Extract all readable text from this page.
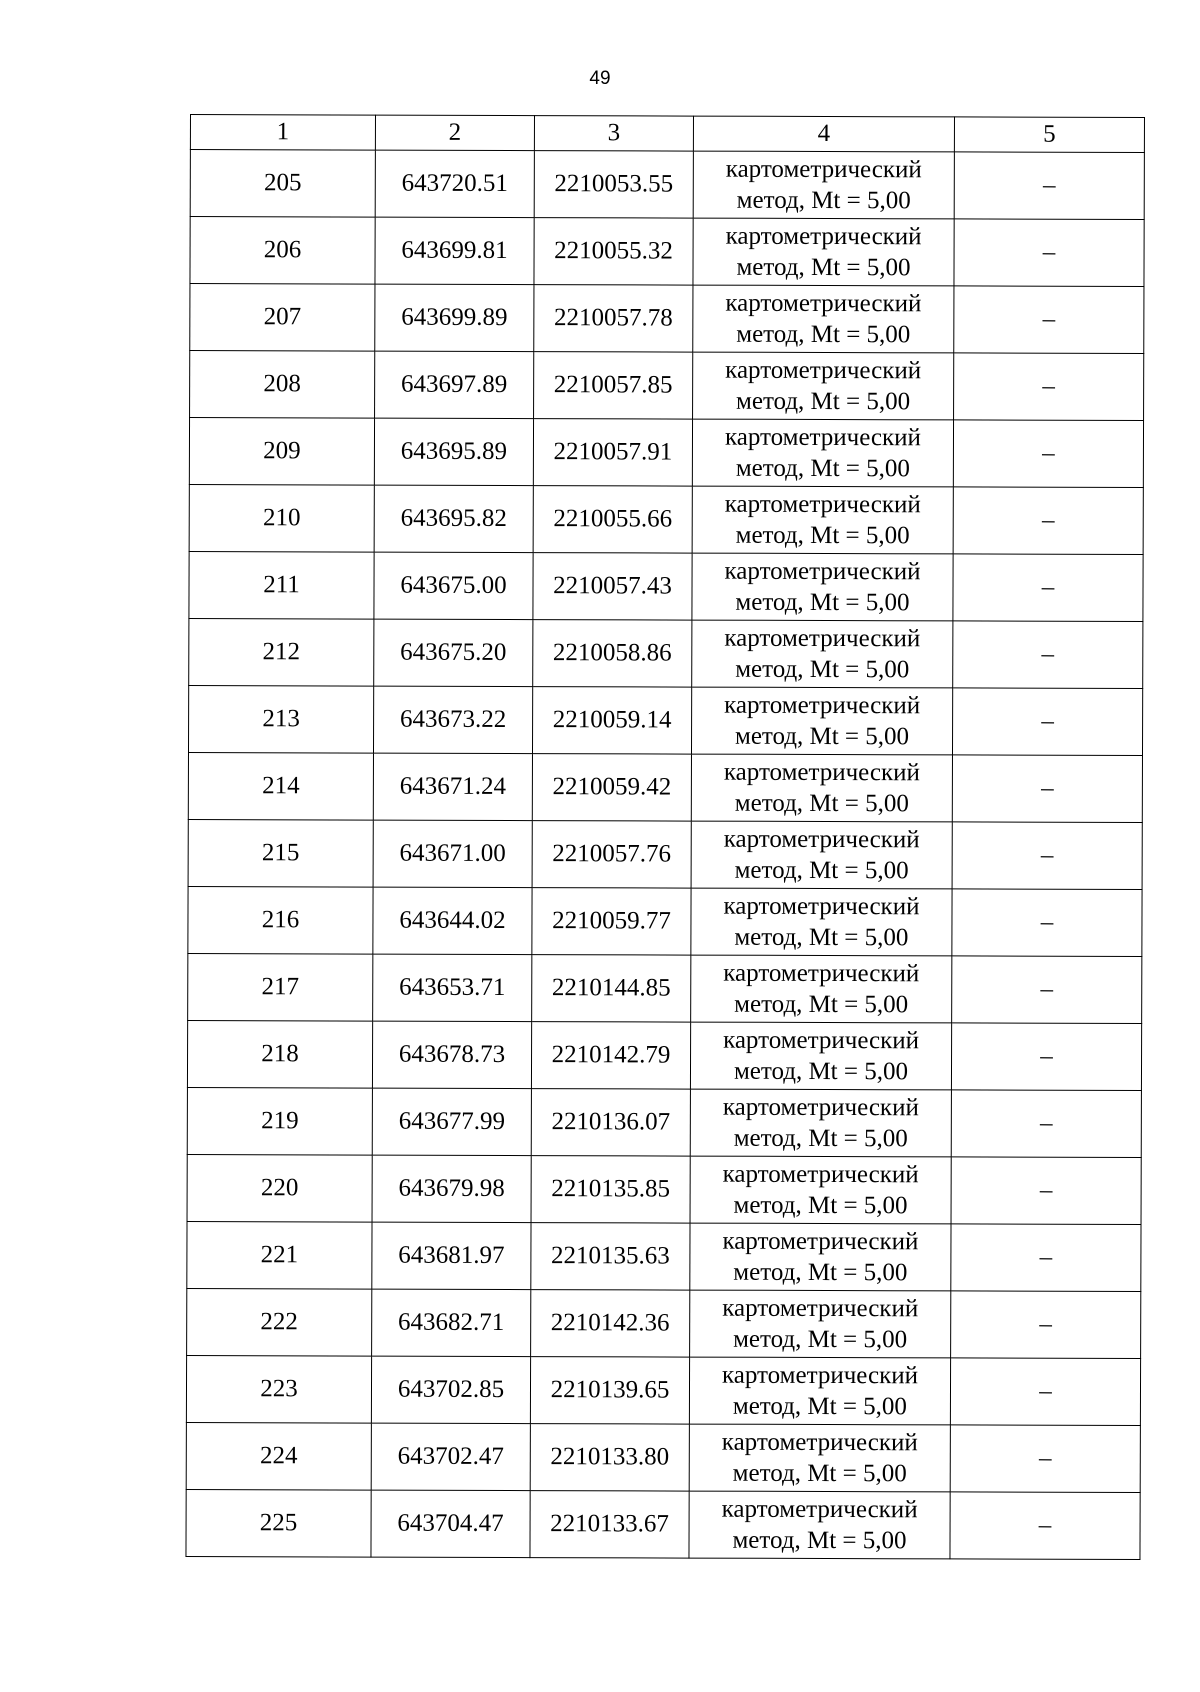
49
1	2	3	4	5
205	643720.51	2210053.55	картометрический
метод, Mt = 5,00	–
206	643699.81	2210055.32	картометрический
метод, Mt = 5,00	–
207	643699.89	2210057.78	картометрический
метод, Mt = 5,00	–
208	643697.89	2210057.85	картометрический
метод, Mt = 5,00	–
209	643695.89	2210057.91	картометрический
метод, Mt = 5,00	–
210	643695.82	2210055.66	картометрический
метод, Mt = 5,00	–
211	643675.00	2210057.43	картометрический
метод, Mt = 5,00	–
212	643675.20	2210058.86	картометрический
метод, Mt = 5,00	–
213	643673.22	2210059.14	картометрический
метод, Mt = 5,00	–
214	643671.24	2210059.42	картометрический
метод, Mt = 5,00	–
215	643671.00	2210057.76	картометрический
метод, Mt = 5,00	–
216	643644.02	2210059.77	картометрический
метод, Mt = 5,00	–
217	643653.71	2210144.85	картометрический
метод, Mt = 5,00	–
218	643678.73	2210142.79	картометрический
метод, Mt = 5,00	–
219	643677.99	2210136.07	картометрический
метод, Mt = 5,00	–
220	643679.98	2210135.85	картометрический
метод, Mt = 5,00	–
221	643681.97	2210135.63	картометрический
метод, Mt = 5,00	–
222	643682.71	2210142.36	картометрический
метод, Mt = 5,00	–
223	643702.85	2210139.65	картометрический
метод, Mt = 5,00	–
224	643702.47	2210133.80	картометрический
метод, Mt = 5,00	–
225	643704.47	2210133.67	картометрический
метод, Mt = 5,00	–
